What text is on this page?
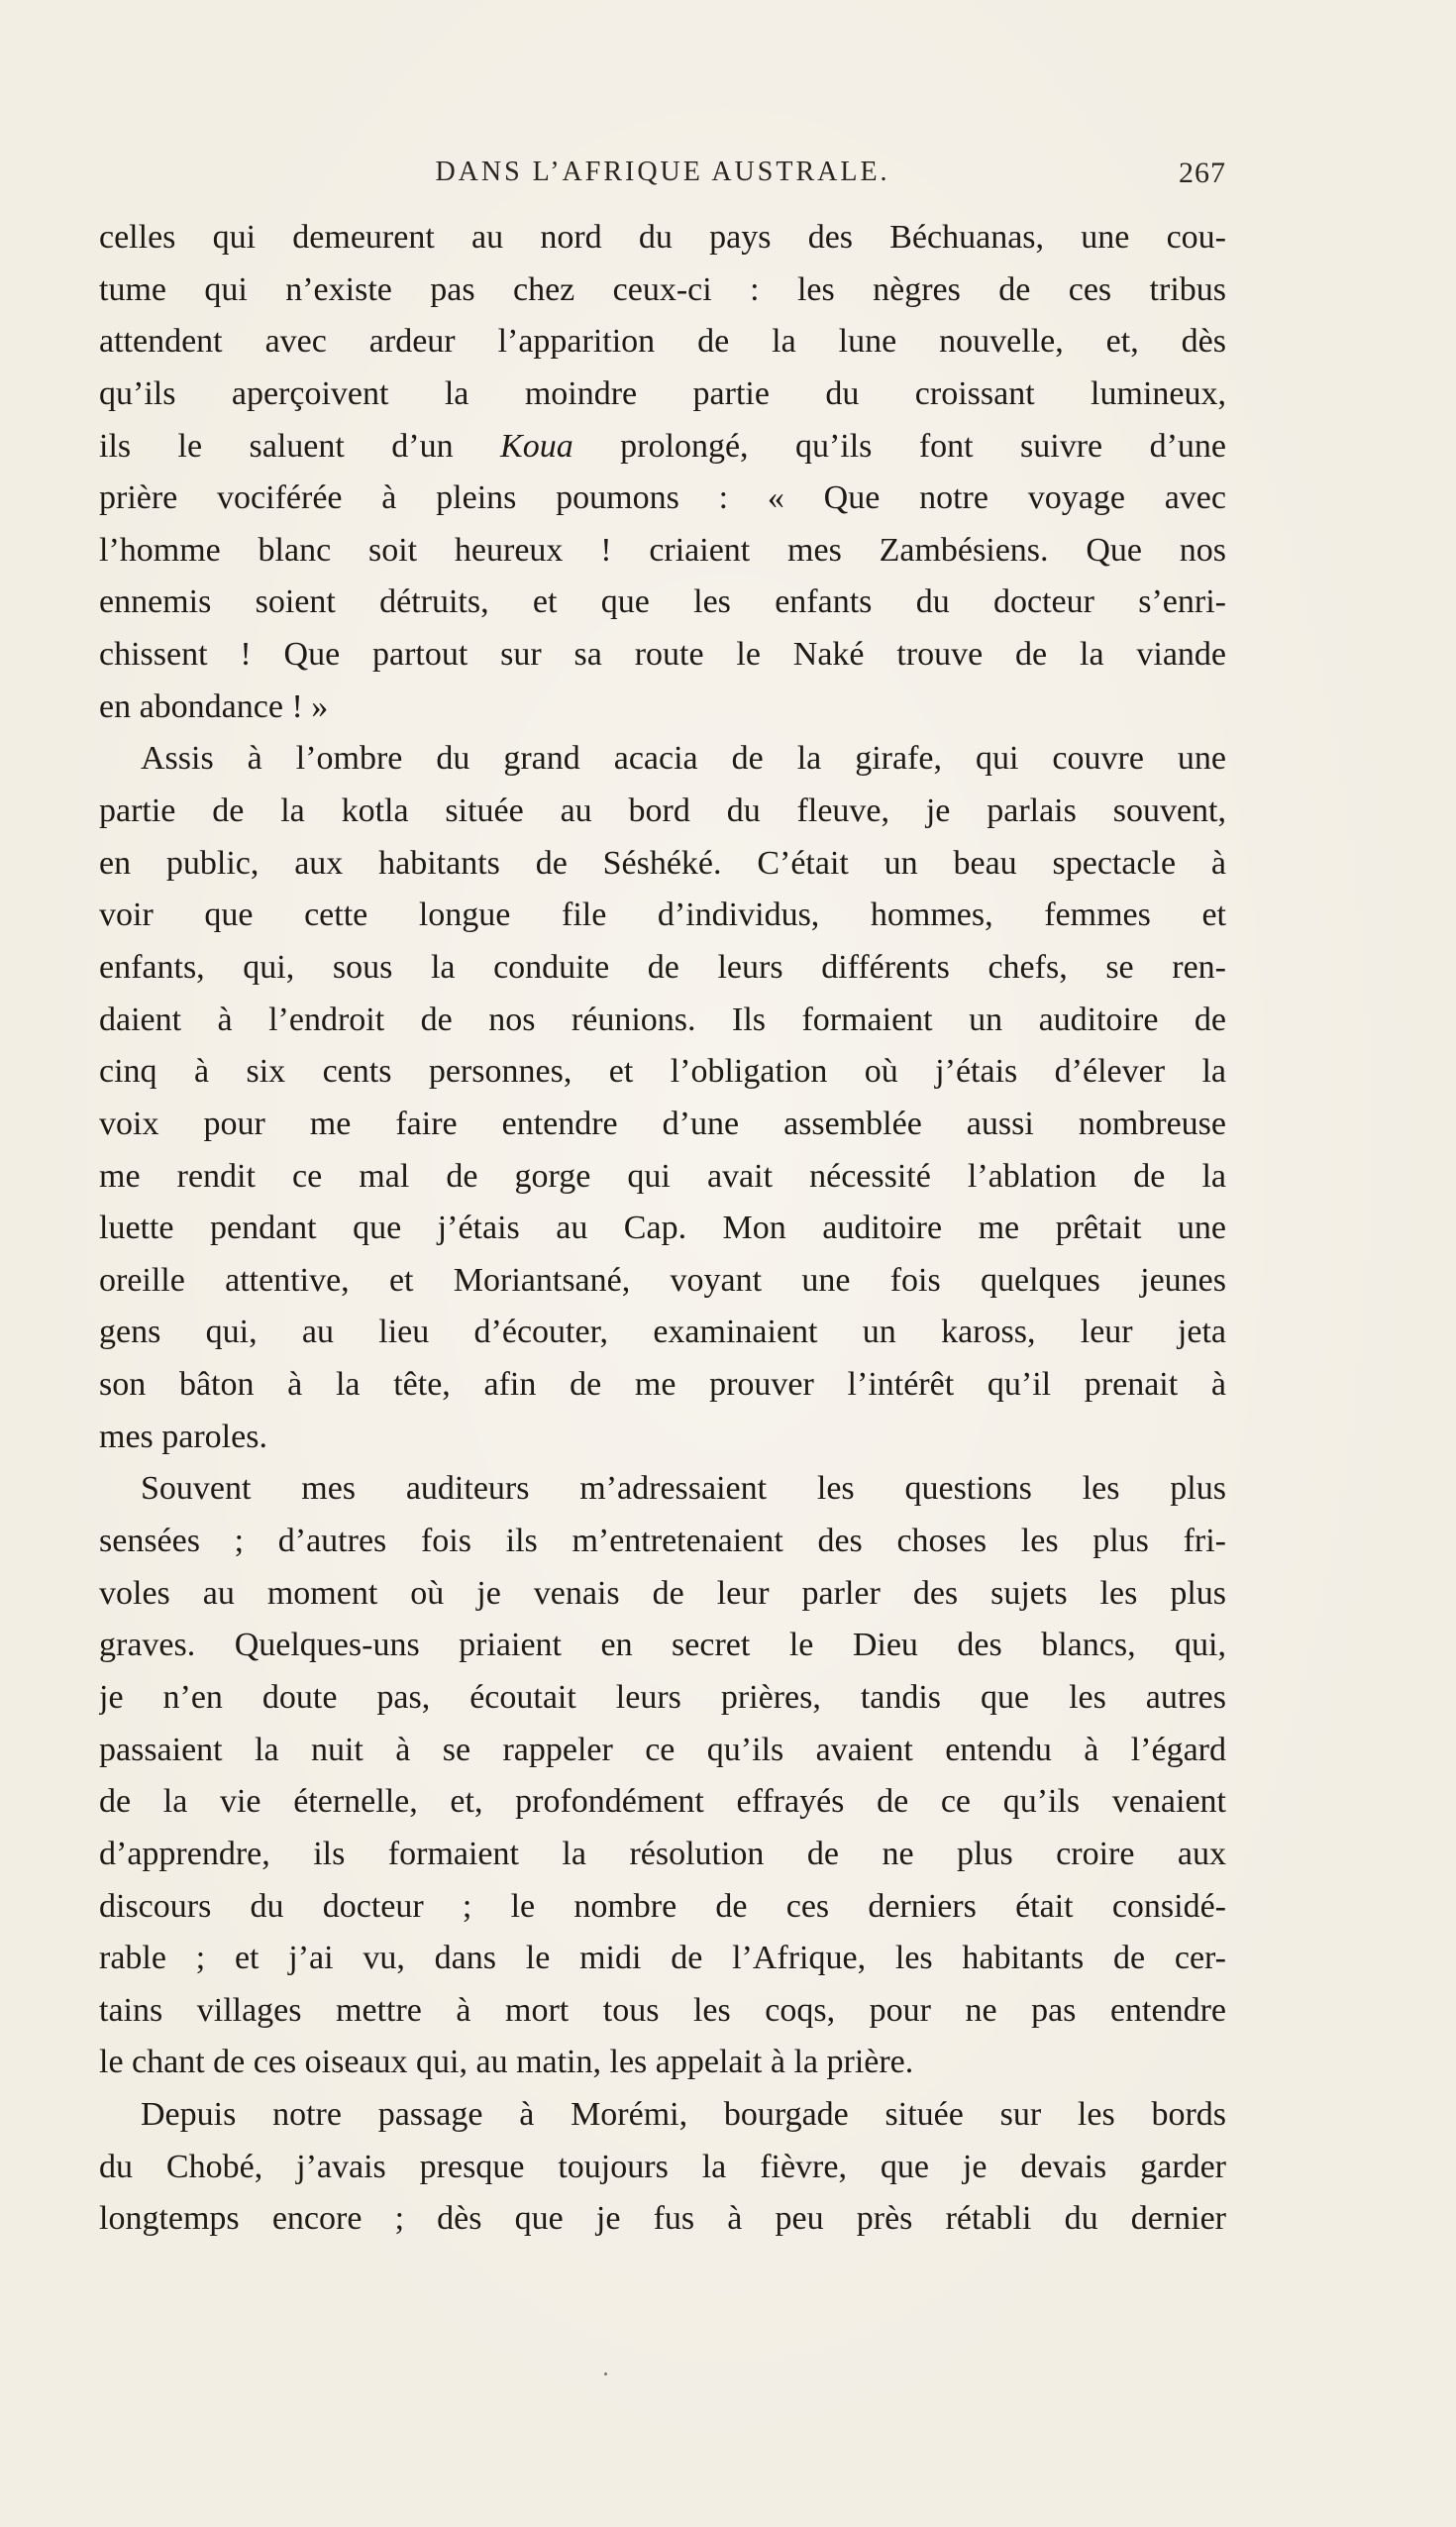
DANS L’AFRIQUE AUSTRALE.	267
celles qui demeurent au nord du pays des Béchuanas, une cou-
tume qui n’existe pas chez ceux-ci : les nègres de ces tribus
attendent avec ardeur l’apparition de la lune nouvelle, et, dès
qu’ils aperçoivent la moindre partie du croissant lumineux,
ils le saluent d’un Koua prolongé, qu’ils font suivre d’une
prière vociférée à pleins poumons : « Que notre voyage avec
l’homme blanc soit heureux ! criaient mes Zambésiens. Que nos
ennemis soient détruits, et que les enfants du docteur s’enri-
chissent ! Que partout sur sa route le Naké trouve de la viande
en abondance ! »
Assis à l’ombre du grand acacia de la girafe, qui couvre une
partie de la kotla située au bord du fleuve, je parlais souvent,
en public, aux habitants de Séshéké. C’était un beau spectacle à
voir que cette longue file d’individus, hommes, femmes et
enfants, qui, sous la conduite de leurs différents chefs, se ren-
daient à l’endroit de nos réunions. Ils formaient un auditoire de
cinq à six cents personnes, et l’obligation où j’étais d’élever la
voix pour me faire entendre d’une assemblée aussi nombreuse
me rendit ce mal de gorge qui avait nécessité l’ablation de la
luette pendant que j’étais au Cap. Mon auditoire me prêtait une
oreille attentive, et Moriantsané, voyant une fois quelques jeunes
gens qui, au lieu d’écouter, examinaient un kaross, leur jeta
son bâton à la tête, afin de me prouver l’intérêt qu’il prenait à
mes paroles.
Souvent mes auditeurs m’adressaient les questions les plus
sensées ; d’autres fois ils m’entretenaient des choses les plus fri-
voles au moment où je venais de leur parler des sujets les plus
graves. Quelques-uns priaient en secret le Dieu des blancs, qui,
je n’en doute pas, écoutait leurs prières, tandis que les autres
passaient la nuit à se rappeler ce qu’ils avaient entendu à l’égard
de la vie éternelle, et, profondément effrayés de ce qu’ils venaient
d’apprendre, ils formaient la résolution de ne plus croire aux
discours du docteur ; le nombre de ces derniers était considé-
rable ; et j’ai vu, dans le midi de l’Afrique, les habitants de cer-
tains villages mettre à mort tous les coqs, pour ne pas entendre
le chant de ces oiseaux qui, au matin, les appelait à la prière.
Depuis notre passage à Morémi, bourgade située sur les bords
du Chobé, j’avais presque toujours la fièvre, que je devais garder
longtemps encore ; dès que je fus à peu près rétabli du dernier
